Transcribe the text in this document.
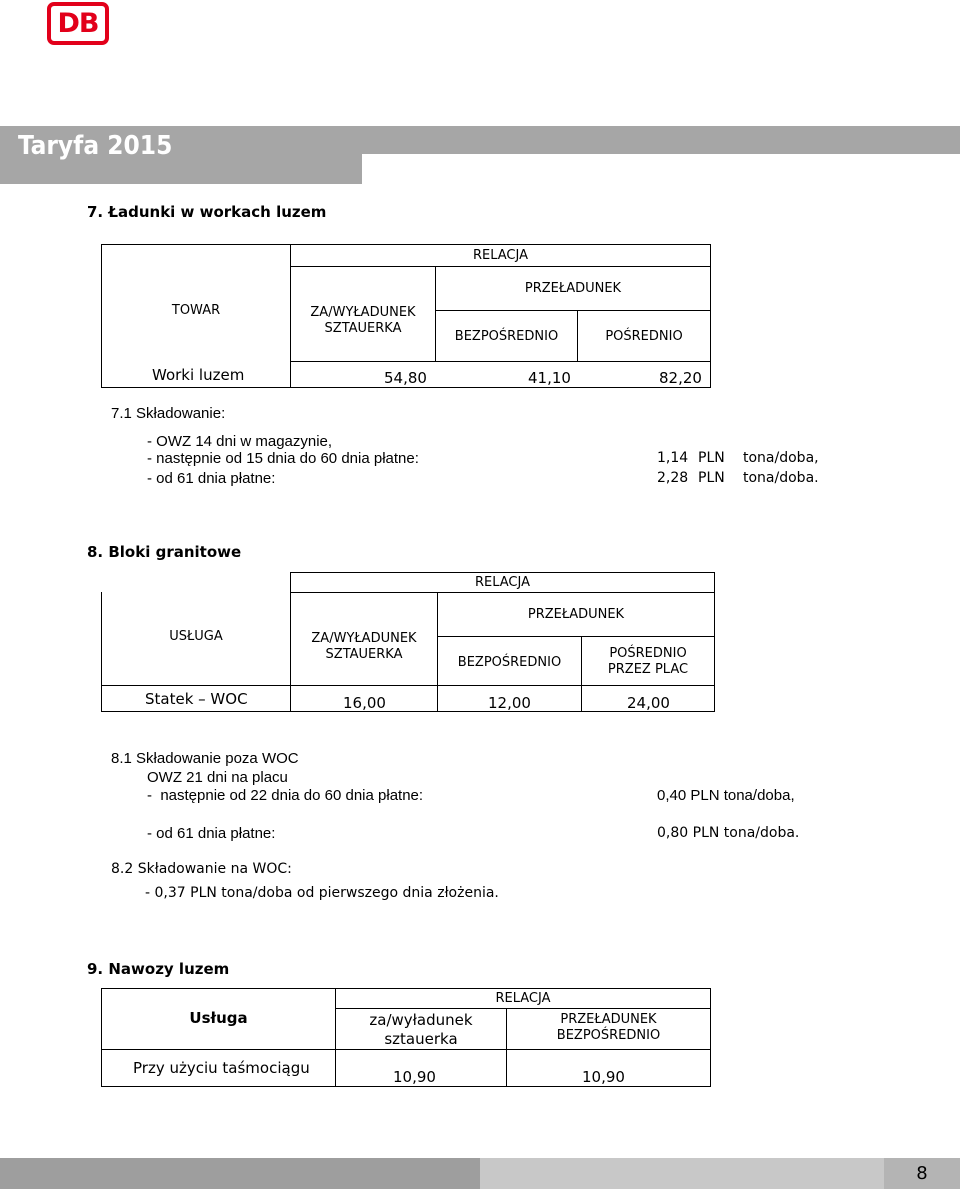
DB
Taryfa 2015
7. Ładunki w workach luzem
TOWAR
RELACJA
ZA/WYŁADUNEK
SZTAUERKA
PRZEŁADUNEK
BEZPOŚREDNIO	POŚREDNIO
Worki luzem	54,80	41,10	82,20
7.1 Składowanie:
- OWZ 14 dni w magazynie,
- następnie od 15 dnia do 60 dnia płatne:
- od 61 dnia płatne:
1,14 PLN tona/doba,
2,28 PLN tona/doba.
8. Bloki granitowe
USŁUGA
RELACJA
ZA/WYŁADUNEK
SZTAUERKA
PRZEŁADUNEK
BEZPOŚREDNIO
POŚREDNIO
PRZEZ PLAC
Statek – WOC	16,00	12,00	24,00
8.1 Składowanie poza WOC
OWZ 21 dni na placu
-  następnie od 22 dnia do 60 dnia płatne:
- od 61 dnia płatne:
0,40 PLN tona/doba,
0,80 PLN tona/doba.
8.2 Składowanie na WOC:
- 0,37 PLN tona/doba od pierwszego dnia złożenia.
9. Nawozy luzem
Usługa
RELACJA
za/wyładunek
sztauerka
PRZEŁADUNEK
BEZPOŚREDNIO
Przy użyciu taśmociągu	10,90	10,90
8
